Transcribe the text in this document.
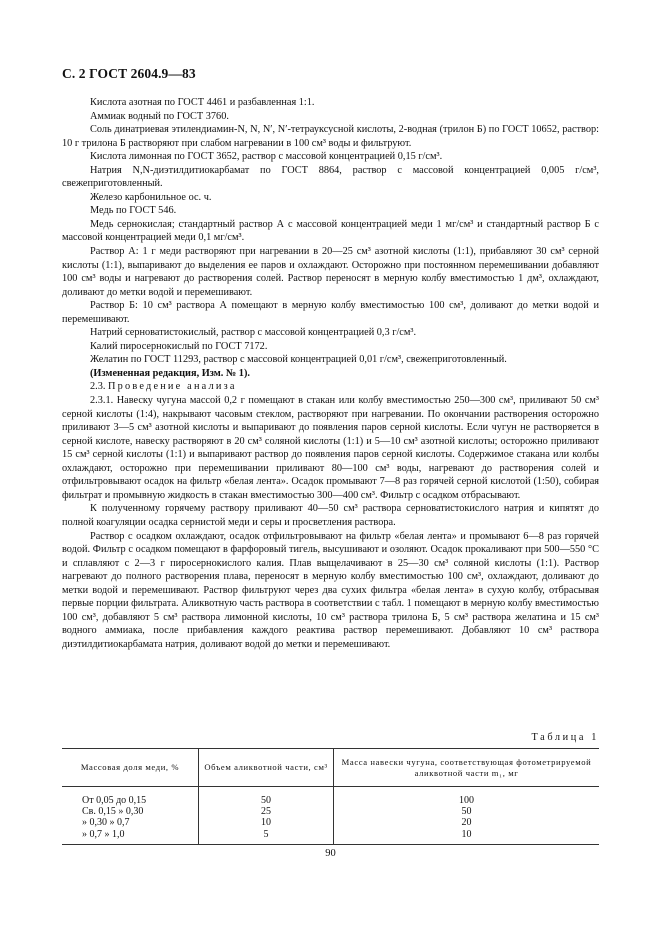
С. 2 ГОСТ 2604.9—83

Кислота азотная по ГОСТ 4461 и разбавленная 1:1.

Аммиак водный по ГОСТ 3760.

Соль динатриевая этилендиамин-N, N, N′, N′-тетрауксусной кислоты, 2-водная (трилон Б) по ГОСТ 10652, раствор: 10 г трилона Б растворяют при слабом нагревании в 100 см³ воды и фильтруют.

Кислота лимонная по ГОСТ 3652, раствор с массовой концентрацией 0,15 г/см³.

Натрия N,N-диэтилдитиокарбамат по ГОСТ 8864, раствор с массовой концентрацией 0,005 г/см³, свежеприготовленный.

Железо карбонильное ос. ч.

Медь по ГОСТ 546.

Медь сернокислая; стандартный раствор А с массовой концентрацией меди 1 мг/см³ и стандартный раствор Б с массовой концентрацией меди 0,1 мг/см³.

Раствор А: 1 г меди растворяют при нагревании в 20—25 см³ азотной кислоты (1:1), прибавляют 30 см³ серной кислоты (1:1), выпаривают до выделения ее паров и охлаждают. Осторожно при постоянном перемешивании добавляют 100 см³ воды и нагревают до растворения солей. Раствор переносят в мерную колбу вместимостью 1 дм³, охлаждают, доливают до метки водой и перемешивают.

Раствор Б: 10 см³ раствора А помещают в мерную колбу вместимостью 100 см³, доливают до метки водой и перемешивают.

Натрий серноватистокислый, раствор с массовой концентрацией 0,3 г/см³.

Калий пиросернокислый по ГОСТ 7172.

Желатин по ГОСТ 11293, раствор с массовой концентрацией 0,01 г/см³, свежеприготовленный.

(Измененная редакция, Изм. № 1).

2.3. Проведение анализа

2.3.1. Навеску чугуна массой 0,2 г помещают в стакан или колбу вместимостью 250—300 см³, приливают 50 см³ серной кислоты (1:4), накрывают часовым стеклом, растворяют при нагревании. По окончании растворения осторожно приливают 3—5 см³ азотной кислоты и выпаривают до появления паров серной кислоты. Если чугун не растворяется в серной кислоте, навеску растворяют в 20 см³ соляной кислоты (1:1) и 5—10 см³ азотной кислоты; осторожно приливают 15 см³ серной кислоты (1:1) и выпаривают раствор до появления паров серной кислоты. Содержимое стакана или колбы охлаждают, осторожно при перемешивании приливают 80—100 см³ воды, нагревают до растворения солей и отфильтровывают осадок на фильтр «белая лента». Осадок промывают 7—8 раз горячей серной кислотой (1:50), собирая фильтрат и промывную жидкость в стакан вместимостью 300—400 см³. Фильтр с осадком отбрасывают.

К полученному горячему раствору приливают 40—50 см³ раствора серноватистокислого натрия и кипятят до полной коагуляции осадка сернистой меди и серы и просветления раствора.

Раствор с осадком охлаждают, осадок отфильтровывают на фильтр «белая лента» и промывают 6—8 раз горячей водой. Фильтр с осадком помещают в фарфоровый тигель, высушивают и озоляют. Осадок прокаливают при 500—550 °С и сплавляют с 2—3 г пиросернокислого калия. Плав выщелачивают в 25—30 см³ соляной кислоты (1:1). Раствор нагревают до полного растворения плава, переносят в мерную колбу вместимостью 100 см³, охлаждают, доливают до метки водой и перемешивают. Раствор фильтруют через два сухих фильтра «белая лента» в сухую колбу, отбрасывая первые порции фильтрата. Аликвотную часть раствора в соответствии с табл. 1 помещают в мерную колбу вместимостью 100 см³, добавляют 5 см³ раствора лимонной кислоты, 10 см³ раствора трилона Б, 5 см³ раствора желатина и 15 см³ водного аммиака, после прибавления каждого реактива раствор перемешивают. Добавляют 10 см³ раствора диэтилдитиокарбамата натрия, доливают водой до метки и перемешивают.

Таблица 1
Массовая доля меди, %	Объем аликвотной части, см³	Масса навески чугуна, соответствующая фотометрируемой аликвотной части m₁, мг
От 0,05 до 0,15	50	100
Св. 0,15 » 0,30	25	50
» 0,30 » 0,7	10	20
» 0,7 » 1,0	5	10
90
